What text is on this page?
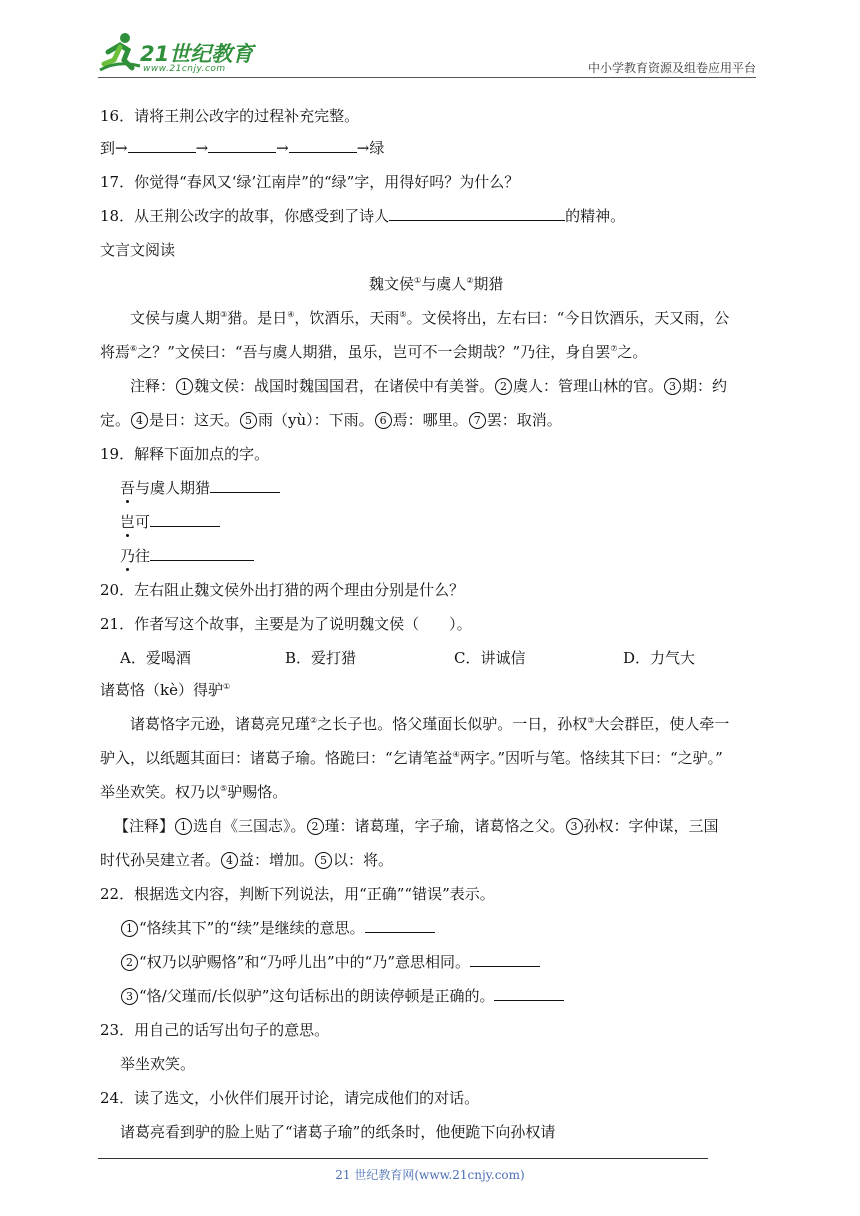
21世纪教育
www.21cnjy.com	中小学教育资源及组卷应用平台
16．请将王荆公改字的过程补充完整。
到→	→	→	→绿
17．你觉得“春风又‘绿’江南岸”的“绿”字，用得好吗？为什么？
18．从王荆公改字的故事，你感受到了诗人	的精神。
文言文阅读
魏文侯①与虞人②期猎
文侯与虞人期③猎。是日④，饮酒乐，天雨⑤。文侯将出，左右曰：“今日饮酒乐，天又雨，公
将焉⑥之？”文侯曰：“吾与虞人期猎，虽乐，岂可不一会期哉？”乃往，身自罢⑦之。
注释： 1 魏文侯：战国时魏国国君，在诸侯中有美誉。 2 虞人：管理山林的官。 3 期：约
定。 4 是日：这天。 5 雨（yù）：下雨。 6 焉：哪里。 7 罢：取消。
19．解释下面加点的字。
吾与虞人期猎
岂可
乃往
20．左右阻止魏文侯外出打猎的两个理由分别是什么？
21．作者写这个故事，主要是为了说明魏文侯（　　）。
A．爱喝酒	B．爱打猎	C．讲诚信	D．力气大
诸葛恪（kè）得驴①
诸葛恪字元逊，诸葛亮兄瑾②之长子也。恪父瑾面长似驴。一日，孙权③大会群臣，使人牵一
驴入，以纸题其面曰：诸葛子瑜。恪跪曰：“乞请笔益④两字。”因听与笔。恪续其下曰：“之驴。”
举坐欢笑。权乃以⑤驴赐恪。
【注释】 1 选自《三国志》。 2 瑾：诸葛瑾，字子瑜，诸葛恪之父。 3 孙权：字仲谋，三国
时代孙吴建立者。 4 益：增加。 5 以：将。
22．根据选文内容，判断下列说法，用“正确”“错误”表示。
1 “恪续其下”的“续”是继续的意思。
2 “权乃以驴赐恪”和“乃呼儿出”中的“乃”意思相同。
3 “恪/父瑾而/长似驴”这句话标出的朗读停顿是正确的。
23．用自己的话写出句子的意思。
举坐欢笑。
24．读了选文，小伙伴们展开讨论，请完成他们的对话。
诸葛亮看到驴的脸上贴了“诸葛子瑜”的纸条时，他便跪下向孙权请
21 世纪教育网(www.21cnjy.com)
